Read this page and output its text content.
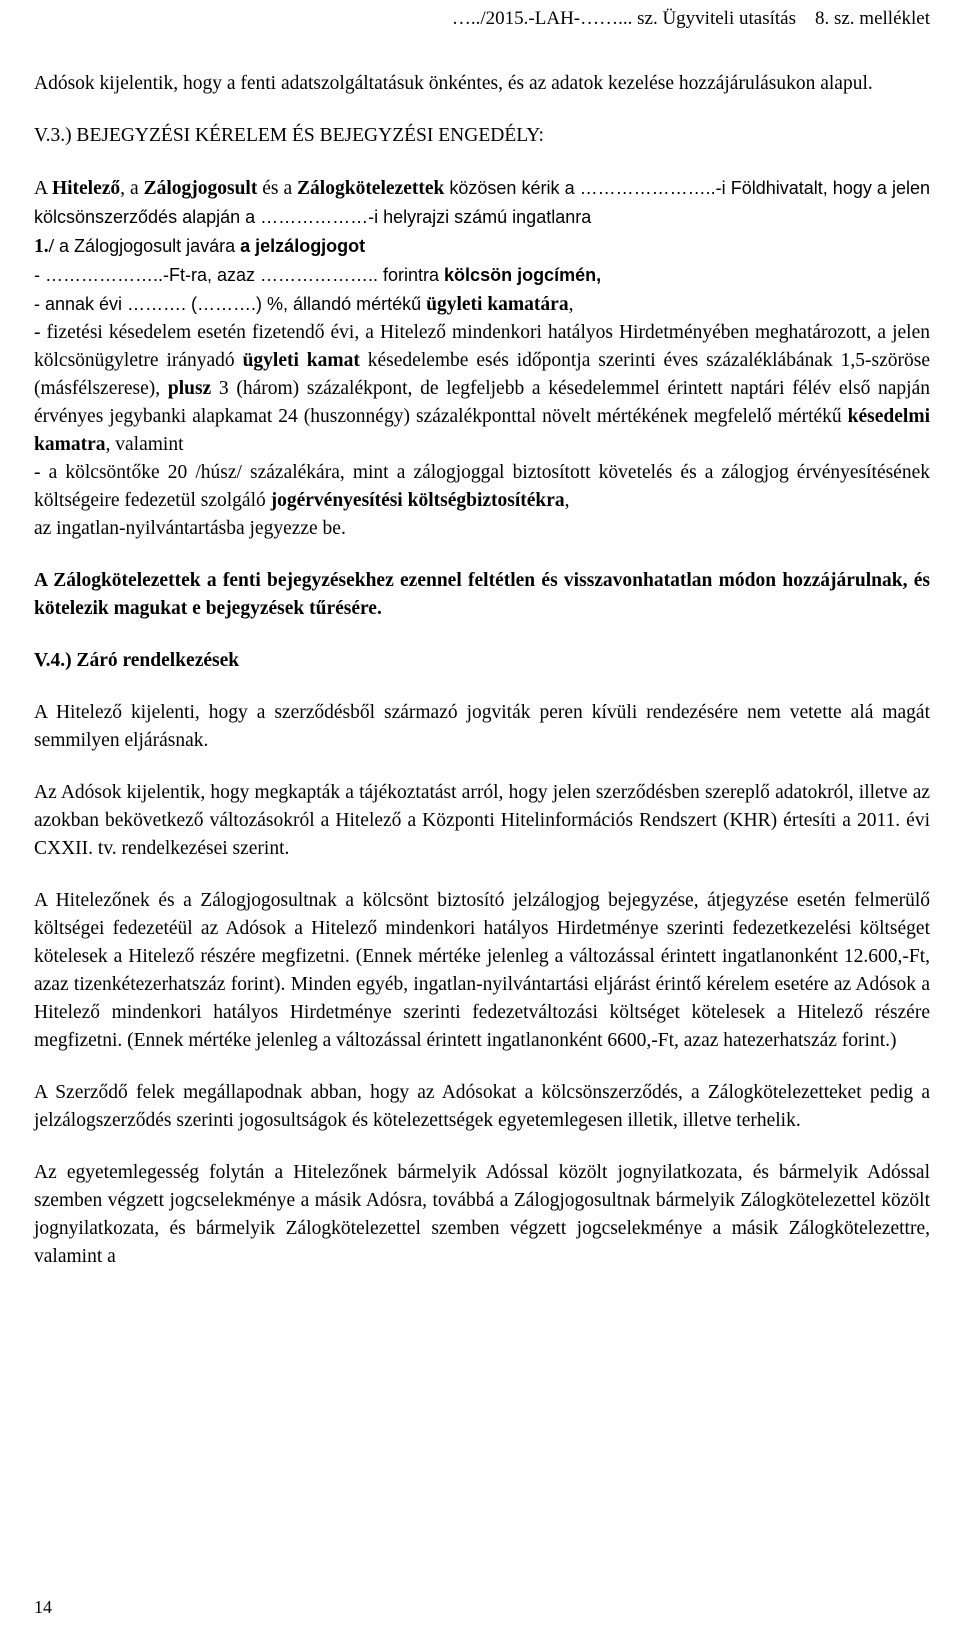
…../2015.-LAH-……... sz. Ügyviteli utasítás    8. sz. melléklet

Adósok kijelentik, hogy a fenti adatszolgáltatásuk önkéntes, és az adatok kezelése hozzájárulásukon alapul.

V.3.) BEJEGYZÉSI KÉRELEM ÉS BEJEGYZÉSI ENGEDÉLY:

A Hitelező, a Zálogjogosult és a Zálogkötelezettek közösen kérik a …………………..-i Földhivatalt, hogy a jelen kölcsönszerződés alapján a ………………-i helyrajzi számú ingatlanra

1./ a Zálogjogosult javára a jelzálogjogot

- ………………..-Ft-ra, azaz ……………….. forintra kölcsön jogcímén,

- annak évi ………. (……….) %, állandó mértékű ügyleti kamatára,

- fizetési késedelem esetén fizetendő évi, a Hitelező mindenkori hatályos Hirdetményében meghatározott, a jelen kölcsönügyletre irányadó ügyleti kamat késedelembe esés időpontja szerinti éves százaléklábának 1,5-szöröse (másfélszerese), plusz 3 (három) százalékpont, de legfeljebb a késedelemmel érintett naptári félév első napján érvényes jegybanki alapkamat 24 (huszonnégy) százalékponttal növelt mértékének megfelelő mértékű késedelmi kamatra, valamint

- a kölcsöntőke 20 /húsz/ százalékára, mint a zálogjoggal biztosított követelés és a zálogjog érvényesítésének költségeire fedezetül szolgáló jogérvényesítési költségbiztosítékra,

az ingatlan-nyilvántartásba jegyezze be.

A Zálogkötelezettek a fenti bejegyzésekhez ezennel feltétlen és visszavonhatatlan módon hozzájárulnak, és kötelezik magukat e bejegyzések tűrésére.

V.4.) Záró rendelkezések

A Hitelező kijelenti, hogy a szerződésből származó jogviták peren kívüli rendezésére nem vetette alá magát semmilyen eljárásnak.

Az Adósok kijelentik, hogy megkapták a tájékoztatást arról, hogy jelen szerződésben szereplő adatokról, illetve az azokban bekövetkező változásokról a Hitelező a Központi Hitelinformációs Rendszert (KHR) értesíti a 2011. évi CXXII. tv. rendelkezései szerint.

A Hitelezőnek és a Zálogjogosultnak a kölcsönt biztosító jelzálogjog bejegyzése, átjegyzése esetén felmerülő költségei fedezetéül az Adósok a Hitelező mindenkori hatályos Hirdetménye szerinti fedezetkezelési költséget kötelesek a Hitelező részére megfizetni. (Ennek mértéke jelenleg a változással érintett ingatlanonként 12.600,-Ft, azaz tizenkétezerhatszáz forint). Minden egyéb, ingatlan-nyilvántartási eljárást érintő kérelem esetére az Adósok a Hitelező mindenkori hatályos Hirdetménye szerinti fedezetváltozási költséget kötelesek a Hitelező részére megfizetni. (Ennek mértéke jelenleg a változással érintett ingatlanonként 6600,-Ft, azaz hatezerhatszáz forint.)

A Szerződő felek megállapodnak abban, hogy az Adósokat a kölcsönszerződés, a Zálogkötelezetteket pedig a jelzálogszerződés szerinti jogosultságok és kötelezettségek egyetemlegesen illetik, illetve terhelik.

Az egyetemlegesség folytán a Hitelezőnek bármelyik Adóssal közölt jognyilatkozata, és bármelyik Adóssal szemben végzett jogcselekménye a másik Adósra, továbbá a Zálogjogosultnak bármelyik Zálogkötelezettel közölt jognyilatkozata, és bármelyik Zálogkötelezettel szemben végzett jogcselekménye a másik Zálogkötelezettre, valamint a

14
